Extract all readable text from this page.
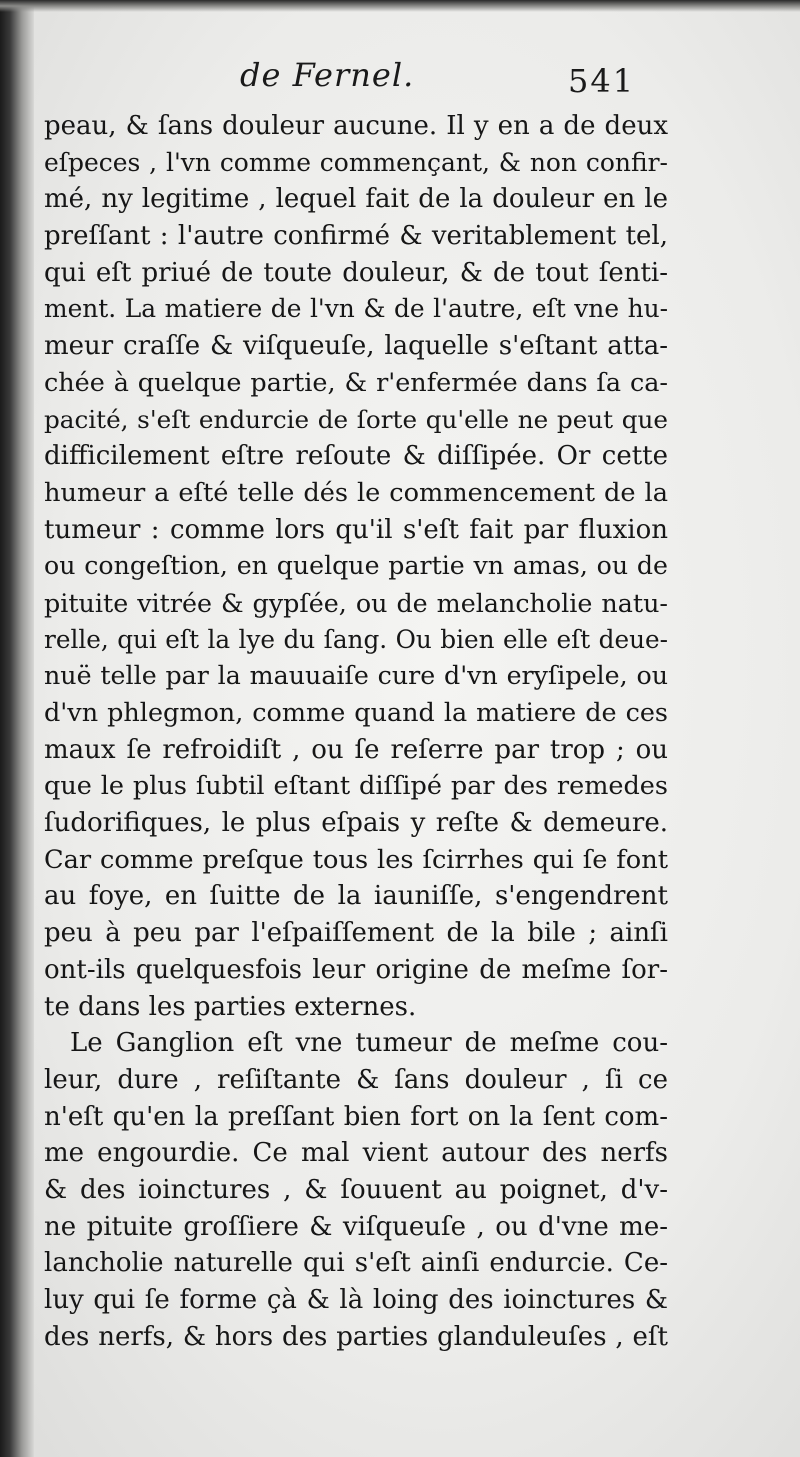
de Fernel.	541
peau, & ſans douleur aucune. Il y en a de deux
eſpeces , l'vn comme commençant, & non confir-
mé, ny legitime , lequel fait de la douleur en le
preſſant : l'autre confirmé & veritablement tel,
qui eſt priué de toute douleur, & de tout ſenti-
ment. La matiere de l'vn & de l'autre, eſt vne hu-
meur craſſe & viſqueuſe, laquelle s'eſtant atta-
chée à quelque partie, & r'enfermée dans ſa ca-
pacité, s'eſt endurcie de ſorte qu'elle ne peut que
difficilement eſtre reſoute & diſſipée. Or cette
humeur a eſté telle dés le commencement de la
tumeur : comme lors qu'il s'eſt fait par fluxion
ou congeſtion, en quelque partie vn amas, ou de
pituite vitrée & gypſée, ou de melancholie natu-
relle, qui eſt la lye du ſang. Ou bien elle eſt deue-
nuë telle par la mauuaiſe cure d'vn eryſipele, ou
d'vn phlegmon, comme quand la matiere de ces
maux ſe refroidiſt , ou ſe reſerre par trop ; ou
que le plus ſubtil eſtant diſſipé par des remedes
ſudorifiques, le plus eſpais y reſte & demeure.
Car comme preſque tous les ſcirrhes qui ſe font
au foye, en ſuitte de la iauniſſe, s'engendrent
peu à peu par l'eſpaiſſement de la bile ; ainſi
ont-ils quelquesfois leur origine de meſme ſor-
te dans les parties externes.
Le Ganglion eſt vne tumeur de meſme cou-
leur, dure , reſiſtante & ſans douleur , ſi ce
n'eſt qu'en la preſſant bien fort on la ſent com-
me engourdie. Ce mal vient autour des nerfs
& des ioinctures , & ſouuent au poignet, d'v-
ne pituite groſſiere & viſqueuſe , ou d'vne me-
lancholie naturelle qui s'eſt ainſi endurcie. Ce-
luy qui ſe forme çà & là loing des ioinctures &
des nerfs, & hors des parties glanduleuſes , eſt
